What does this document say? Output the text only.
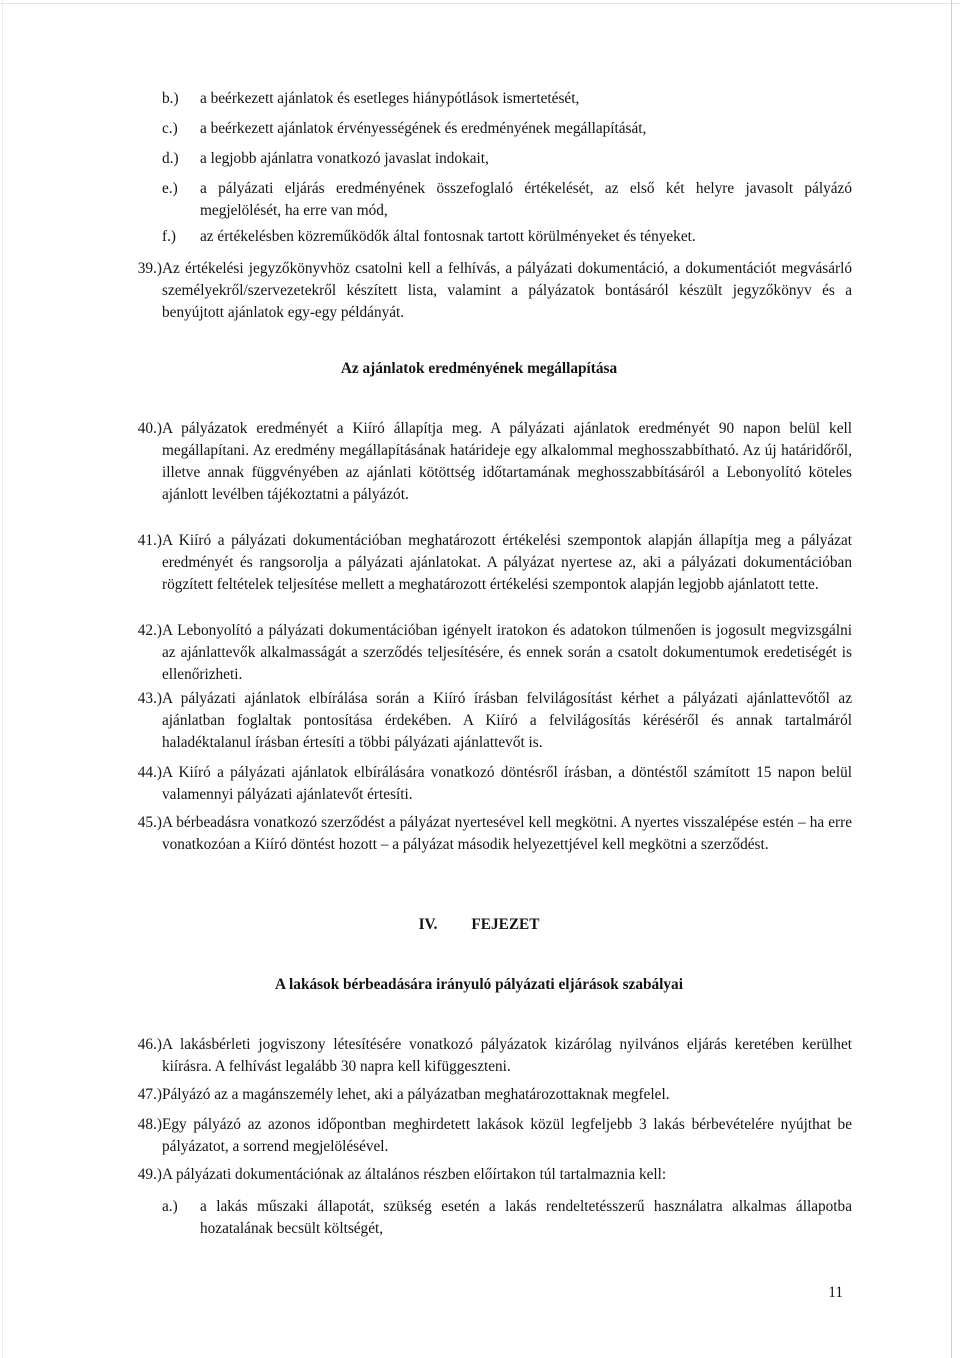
b.) a beérkezett ajánlatok és esetleges hiánypótlások ismertetését,
c.) a beérkezett ajánlatok érvényességének és eredményének megállapítását,
d.) a legjobb ajánlatra vonatkozó javaslat indokait,
e.) a pályázati eljárás eredményének összefoglaló értékelését, az első két helyre javasolt pályázó megjelölését, ha erre van mód,
f.) az értékelésben közreműködők által fontosnak tartott körülményeket és tényeket.
39.) Az értékelési jegyzőkönyvhöz csatolni kell a felhívás, a pályázati dokumentáció, a dokumentációt megvásárló személyekről/szervezetekről készített lista, valamint a pályázatok bontásáról készült jegyzőkönyv és a benyújtott ajánlatok egy-egy példányát.
Az ajánlatok eredményének megállapítása
40.) A pályázatok eredményét a Kiíró állapítja meg. A pályázati ajánlatok eredményét 90 napon belül kell megállapítani. Az eredmény megállapításának határideje egy alkalommal meghosszabbítható. Az új határidőről, illetve annak függvényében az ajánlati kötöttség időtartamának meghosszabbításáról a Lebonyolító köteles ajánlott levélben tájékoztatni a pályázót.
41.) A Kiíró a pályázati dokumentációban meghatározott értékelési szempontok alapján állapítja meg a pályázat eredményét és rangsorolja a pályázati ajánlatokat. A pályázat nyertese az, aki a pályázati dokumentációban rögzített feltételek teljesítése mellett a meghatározott értékelési szempontok alapján legjobb ajánlatott tette.
42.) A Lebonyolító a pályázati dokumentációban igényelt iratokon és adatokon túlmenően is jogosult megvizsgálni az ajánlattevők alkalmasságát a szerződés teljesítésére, és ennek során a csatolt dokumentumok eredetiségét is ellenőrizheti.
43.) A pályázati ajánlatok elbírálása során a Kiíró írásban felvilágosítást kérhet a pályázati ajánlattevőtől az ajánlatban foglaltak pontosítása érdekében. A Kiíró a felvilágosítás kéréséről és annak tartalmáról haladéktalanul írásban értesíti a többi pályázati ajánlattevőt is.
44.) A Kiíró a pályázati ajánlatok elbírálására vonatkozó döntésről írásban, a döntéstől számított 15 napon belül valamennyi pályázati ajánlatevőt értesíti.
45.) A bérbeadásra vonatkozó szerződést a pályázat nyertesével kell megkötni. A nyertes visszalépése estén – ha erre vonatkozóan a Kiíró döntést hozott – a pályázat második helyezettjével kell megkötni a szerződést.
IV. FEJEZET
A lakások bérbeadására irányuló pályázati eljárások szabályai
46.) A lakásbérleti jogviszony létesítésére vonatkozó pályázatok kizárólag nyilvános eljárás keretében kerülhet kiírásra. A felhívást legalább 30 napra kell kifüggeszteni.
47.) Pályázó az a magánszemély lehet, aki a pályázatban meghatározottaknak megfelel.
48.) Egy pályázó az azonos időpontban meghirdetett lakások közül legfeljebb 3 lakás bérbevételére nyújthat be pályázatot, a sorrend megjelölésével.
49.) A pályázati dokumentációnak az általános részben előírtakon túl tartalmaznia kell:
a.) a lakás műszaki állapotát, szükség esetén a lakás rendeltetésszerű használatra alkalmas állapotba hozatalának becsült költségét,
11
